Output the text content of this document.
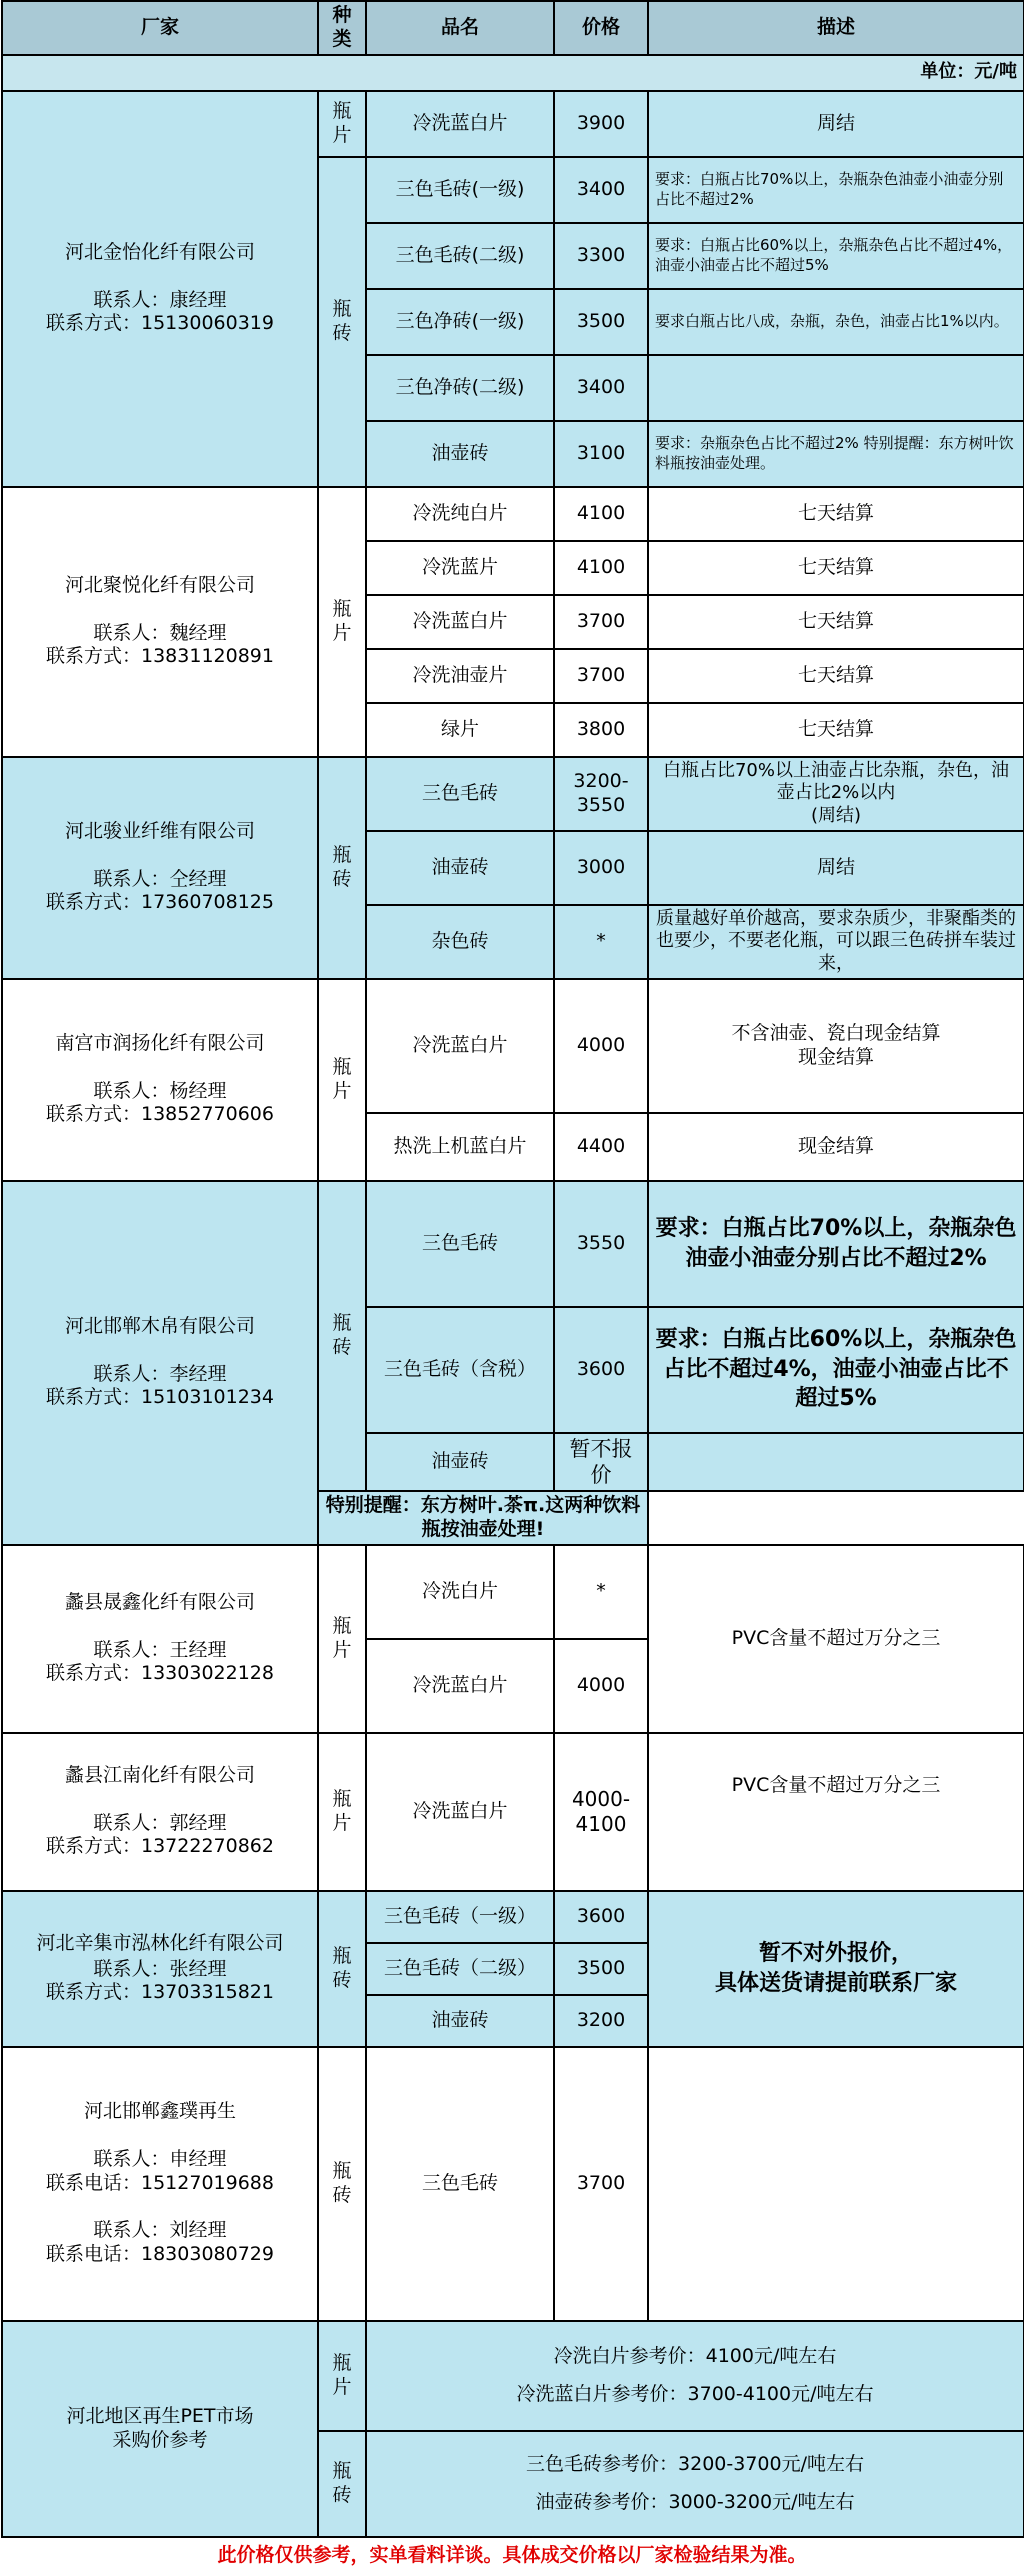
厂家	种类	品名	价格	描述
单位：元/吨				

河北金怡化纤有限公司
联系人：康经理
联系方式：15130060319	瓶片	冷洗蓝白片	3900	周结
	瓶砖	三色毛砖(一级)	3400	要求：白瓶占比70%以上，杂瓶杂色油壶小油壶分别占比不超过2%
		三色毛砖(二级)	3300	要求：白瓶占比60%以上，杂瓶杂色占比不超过4%，油壶小油壶占比不超过5%
		三色净砖(一级)	3500	要求白瓶占比八成，杂瓶，杂色，油壶占比1%以内。
		三色净砖(二级)	3400	
		油壶砖	3100	要求：杂瓶杂色占比不超过2% 特别提醒：东方树叶饮料瓶按油壶处理。

河北聚悦化纤有限公司
联系人：魏经理
联系方式：13831120891	瓶片	冷洗纯白片	4100	七天结算
		冷洗蓝片	4100	七天结算
		冷洗蓝白片	3700	七天结算
		冷洗油壶片	3700	七天结算
		绿片	3800	七天结算

河北骏业纤维有限公司
联系人：仝经理
联系方式：17360708125	瓶砖	三色毛砖	3200-3550	白瓶占比70%以上油壶占比杂瓶，杂色，油壶占比2%以内
(周结)
		油壶砖	3000	周结
		杂色砖	*	质量越好单价越高，要求杂质少，非聚酯类的也要少，不要老化瓶，可以跟三色砖拼车装过来，

南宫市润扬化纤有限公司
联系人：杨经理
联系方式：13852770606	瓶片	冷洗蓝白片	4000	不含油壶、瓷白现金结算
现金结算
		热洗上机蓝白片	4400	现金结算

河北邯郸木帛有限公司
联系人：李经理
联系方式：15103101234	瓶砖	三色毛砖	3550	要求：白瓶占比70%以上，杂瓶杂色油壶小油壶分别占比不超过2%
		三色毛砖（含税）	3600	要求：白瓶占比60%以上，杂瓶杂色占比不超过4%，油壶小油壶占比不超过5%
		油壶砖	暂不报价	
	特别提醒：东方树叶.茶π.这两种饮料瓶按油壶处理!			

蠡县晟鑫化纤有限公司
联系人：王经理
联系方式：13303022128	瓶片	冷洗白片	*	PVC含量不超过万分之三
		冷洗蓝白片	4000	

蠡县江南化纤有限公司
联系人：郭经理
联系方式：13722270862	瓶片	冷洗蓝白片	4000-4100	PVC含量不超过万分之三

河北辛集市泓林化纤有限公司
联系人：张经理
联系方式：13703315821	瓶砖	三色毛砖（一级）	3600	暂不对外报价，
具体送货请提前联系厂家
		三色毛砖（二级）	3500	
		油壶砖	3200	

河北邯郸鑫璞再生
联系人：申经理
联系电话：15127019688
联系人：刘经理
联系电话：18303080729	瓶砖	三色毛砖	3700	

河北地区再生PET市场
采购价参考	瓶片	冷洗白片参考价：4100元/吨左右
冷洗蓝白片参考价：3700-4100元/吨左右		

	瓶砖	三色毛砖参考价：3200-3700元/吨左右
油壶砖参考价：3000-3200元/吨左右		
此价格仅供参考，实单看料详谈。具体成交价格以厂家检验结果为准。
